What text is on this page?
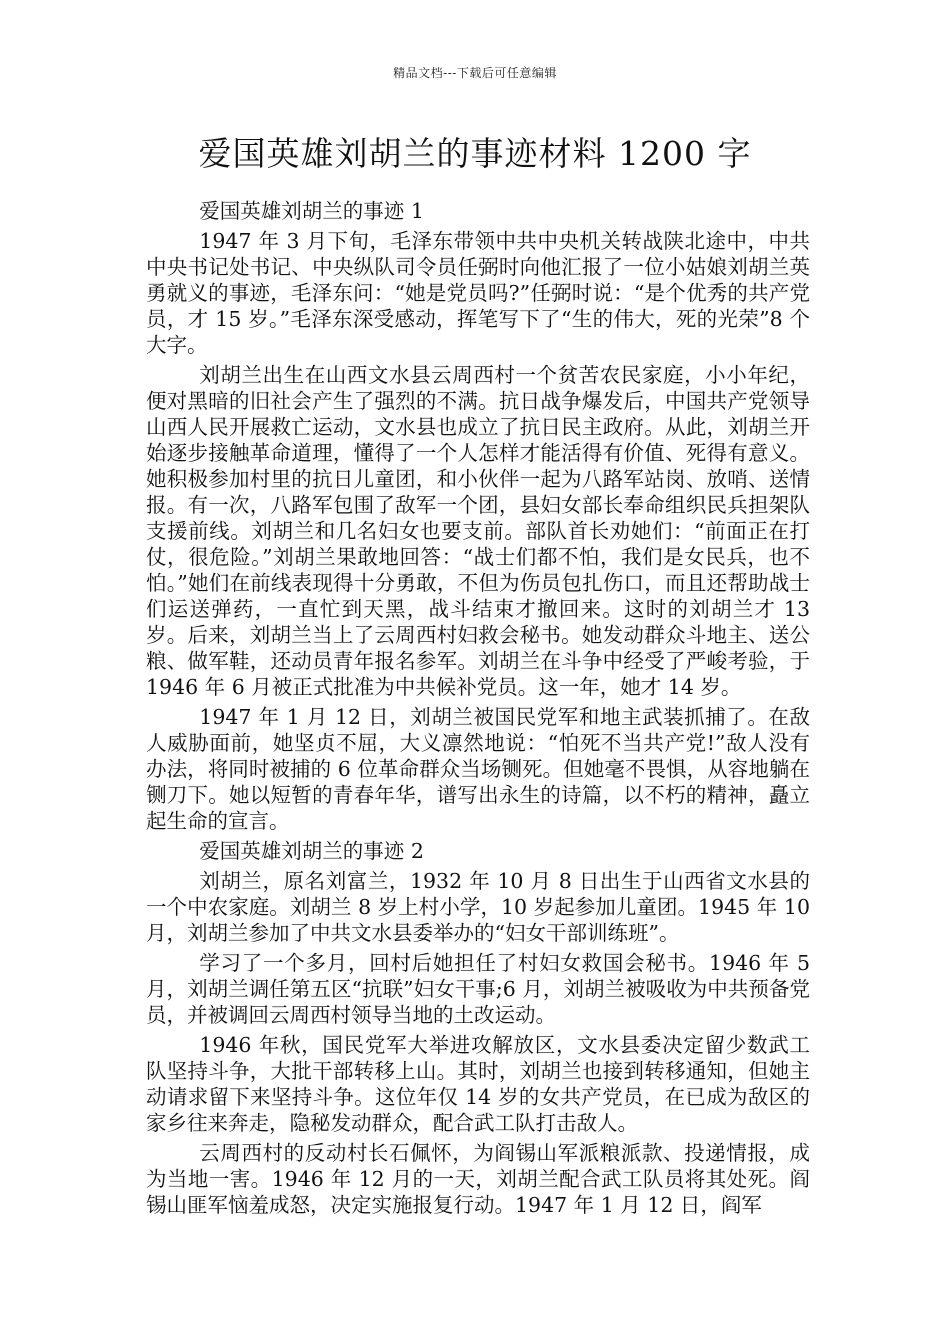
精品文档---下载后可任意编辑
爱国英雄刘胡兰的事迹材料 1200 字

爱国英雄刘胡兰的事迹 1

1947 年 3 月下旬，毛泽东带领中共中央机关转战陕北途中，中共中央书记处书记、中央纵队司令员任弼时向他汇报了一位小姑娘刘胡兰英勇就义的事迹，毛泽东问：“她是党员吗?”任弼时说：“是个优秀的共产党员，才 15 岁。”毛泽东深受感动，挥笔写下了“生的伟大，死的光荣”8 个大字。

刘胡兰出生在山西文水县云周西村一个贫苦农民家庭，小小年纪，便对黑暗的旧社会产生了强烈的不满。抗日战争爆发后，中国共产党领导山西人民开展救亡运动，文水县也成立了抗日民主政府。从此，刘胡兰开始逐步接触革命道理，懂得了一个人怎样才能活得有价值、死得有意义。她积极参加村里的抗日儿童团，和小伙伴一起为八路军站岗、放哨、送情报。有一次，八路军包围了敌军一个团，县妇女部长奉命组织民兵担架队支援前线。刘胡兰和几名妇女也要支前。部队首长劝她们：“前面正在打仗，很危险。”刘胡兰果敢地回答：“战士们都不怕，我们是女民兵，也不怕。”她们在前线表现得十分勇敢，不但为伤员包扎伤口，而且还帮助战士们运送弹药，一直忙到天黑，战斗结束才撤回来。这时的刘胡兰才 13 岁。后来，刘胡兰当上了云周西村妇救会秘书。她发动群众斗地主、送公粮、做军鞋，还动员青年报名参军。刘胡兰在斗争中经受了严峻考验，于 1946 年 6 月被正式批准为中共候补党员。这一年，她才 14 岁。

1947 年 1 月 12 日，刘胡兰被国民党军和地主武装抓捕了。在敌人威胁面前，她坚贞不屈，大义凛然地说：“怕死不当共产党!”敌人没有办法，将同时被捕的 6 位革命群众当场铡死。但她毫不畏惧，从容地躺在铡刀下。她以短暂的青春年华，谱写出永生的诗篇，以不朽的精神，矗立起生命的宣言。

爱国英雄刘胡兰的事迹 2

刘胡兰，原名刘富兰，1932 年 10 月 8 日出生于山西省文水县的一个中农家庭。刘胡兰 8 岁上村小学，10 岁起参加儿童团。1945 年 10 月，刘胡兰参加了中共文水县委举办的“妇女干部训练班”。

学习了一个多月，回村后她担任了村妇女救国会秘书。1946 年 5 月，刘胡兰调任第五区“抗联”妇女干事;6 月，刘胡兰被吸收为中共预备党员，并被调回云周西村领导当地的土改运动。

1946 年秋，国民党军大举进攻解放区，文水县委决定留少数武工队坚持斗争，大批干部转移上山。其时，刘胡兰也接到转移通知，但她主动请求留下来坚持斗争。这位年仅 14 岁的女共产党员，在已成为敌区的家乡往来奔走，隐秘发动群众，配合武工队打击敌人。

云周西村的反动村长石佩怀，为阎锡山军派粮派款、投递情报，成为当地一害。1946 年 12 月的一天，刘胡兰配合武工队员将其处死。阎锡山匪军恼羞成怒，决定实施报复行动。1947 年 1 月 12 日，阎军
